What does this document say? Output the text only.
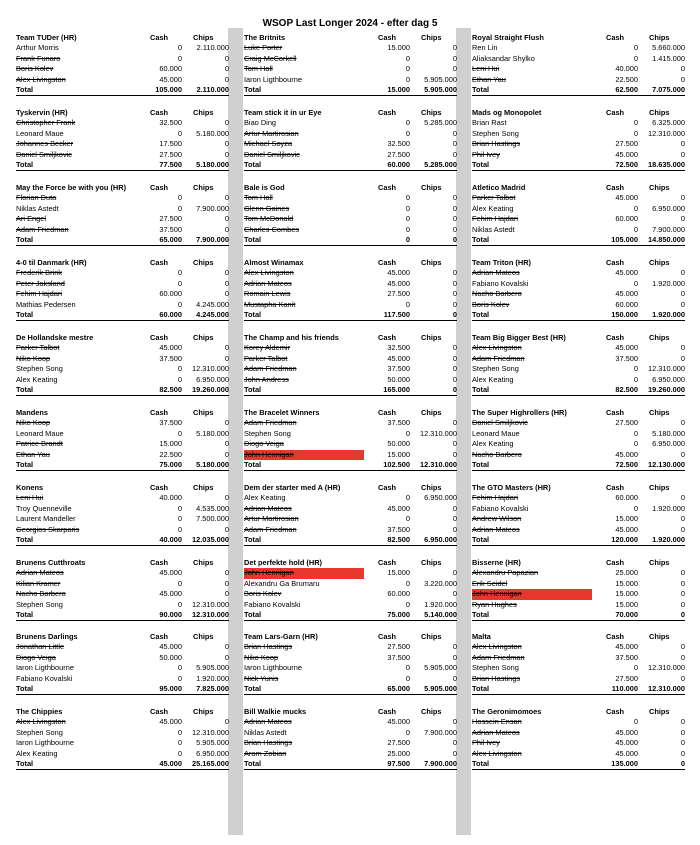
WSOP Last Longer 2024 - efter dag 5
Team TUDer (HR)	Cash	Chips
Arthur Morris	0	2.110.000
Frank Funaro	0	0
Boris Kolev	60.000	0
Alex Livingston	45.000	0
Total	105.000	2.110.000
The Britnits	Cash	Chips
Luke Porter	15.000	0
Craig McCorkell	0	0
Tom Hall	0	0
Iaron Ligthbourne	0	5.905.000
Total	15.000	5.905.000
Royal Straight Flush	Cash	Chips
Ren Lin	0	5.660.000
Aliaksandar Shylko	0	1.415.000
Leni Hui	40.000	0
Ethan Yau	22.500	0
Total	62.500	7.075.000
Tyskervin (HR)	Cash	Chips
Christopher Frank	32.500	0
Leonard Maue	0	5.180.000
Johannes Becker	17.500	0
Daniel Smiljkovic	27.500	0
Total	77.500	5.180.000
Team stick it in ur Eye	Cash	Chips
Biao Ding	0	5.285.000
Artur Martirosian	0	0
Michael Soyza	32.500	0
Daniel Smiljkovic	27.500	0
Total	60.000	5.285.000
Mads og Monopolet	Cash	Chips
Brian Rast	0	6.325.000
Stephen Song	0	12.310.000
Brian Hastings	27.500	0
Phil Ivey	45.000	0
Total	72.500	18.635.000
May the Force be with you (HR)	Cash	Chips
Florian Duta	0	0
Niklas Astedt	0	7.900.000
Ari Engel	27.500	0
Adam Friedman	37.500	0
Total	65.000	7.900.000
Bale is God	Cash	Chips
Tom Hall	0	0
Glenn Gaines	0	0
Tom McDonald	0	0
Charles Combes	0	0
Total	0	0
Atletico Madrid	Cash	Chips
Parker Talbot	45.000	0
Alex Keating	0	6.950.000
Fehim Hajdari	60.000	0
Niklas Astedt	0	7.900.000
Total	105.000	14.850.000
4-0 til Danmark (HR)	Cash	Chips
Frederik Brink	0	0
Peter Jaksland	0	0
Fehim Hajdari	60.000	0
Mathias Pedersen	0	4.245.000
Total	60.000	4.245.000
Almost Winamax	Cash	Chips
Alex Livingston	45.000	0
Adrian Mateos	45.000	0
Romain Lewis	27.500	0
Mustapha Kanit	0	0
Total	117.500	0
Team Triton (HR)	Cash	Chips
Adrian Mateos	45.000	0
Fabiano Kovalski	0	1.920.000
Nacho Barbero	45.000	0
Boris Kolev	60.000	0
Total	150.000	1.920.000
De Hollandske mestre	Cash	Chips
Parker Talbot	45.000	0
Niko Koop	37.500	0
Stephen Song	0	12.310.000
Alex Keating	0	6.950.000
Total	82.500	19.260.000
The Champ and his friends	Cash	Chips
Korey Aldemir	32.500	0
Parker Talbot	45.000	0
Adam Friedman	37.500	0
John Andress	50.000	0
Total	165.000	0
Team Big Bigger Best (HR)	Cash	Chips
Alex Livingston	45.000	0
Adam Friedman	37.500	0
Stephen Song	0	12.310.000
Alex Keating	0	6.950.000
Total	82.500	19.260.000
Mandens	Cash	Chips
Niko Koop	37.500	0
Leonard Maue	0	5.180.000
Patrice Brandt	15.000	0
Ethan Yau	22.500	0
Total	75.000	5.180.000
The Bracelet Winners	Cash	Chips
Adam Friedman	37.500	0
Stephen Song	0	12.310.000
Diogo Veiga	50.000	0
John Hennigan	15.000	0
Total	102.500	12.310.000
The Super Highrollers (HR)	Cash	Chips
Daniel Smiljkovic	27.500	0
Leonard Maue	0	5.180.000
Alex Keating	0	6.950.000
Nacho Barbero	45.000	0
Total	72.500	12.130.000
Konens	Cash	Chips
Leni Hui	40.000	0
Troy Quenneville	0	4.535.000
Laurent Mandeller	0	7.500.000
Georgios Skarparis	0	0
Total	40.000	12.035.000
Dem der starter med A (HR)	Cash	Chips
Alex Keating	0	6.950.000
Adrian Mateos	45.000	0
Artur Martirosian	0	0
Adam Friedman	37.500	0
Total	82.500	6.950.000
The GTO Masters (HR)	Cash	Chips
Fehim Hajdari	60.000	0
Fabiano Kovalski	0	1.920.000
Andrew Wilson	15.000	0
Adrian Mateos	45.000	0
Total	120.000	1.920.000
Brunens Cutthroats	Cash	Chips
Adrian Mateos	45.000	0
Kilian Kramer	0	0
Nacho Barbero	45.000	0
Stephen Song	0	12.310.000
Total	90.000	12.310.000
Det perfekte hold (HR)	Cash	Chips
John Hennigan	15.000	0
Alexandru Ga Brumaru	0	3.220.000
Boris Kolev	60.000	0
Fabiano Kovalski	0	1.920.000
Total	75.000	5.140.000
Bisserne (HR)	Cash	Chips
Alexandru Papazian	25.000	0
Erik Seidel	15.000	0
John Hennigan	15.000	0
Ryan Hughes	15.000	0
Total	70.000	0
Brunens Darlings	Cash	Chips
Jonathan Little	45.000	0
Diogo Veiga	50.000	0
Iaron Ligthbourne	0	5.905.000
Fabiano Kovalski	0	1.920.000
Total	95.000	7.825.000
Team Lars-Garn (HR)	Cash	Chips
Brian Hastings	27.500	0
Niko Koop	37.500	0
Iaron Ligthbourne	0	5.905.000
Nick Yunis	0	0
Total	65.000	5.905.000
Malta	Cash	Chips
Alex Livingston	45.000	0
Adam Friedman	37.500	0
Stephen Song	0	12.310.000
Brian Hastings	27.500	0
Total	110.000	12.310.000
The Chippies	Cash	Chips
Alex Livingston	45.000	0
Stephen Song	0	12.310.000
Iaron Ligthbourne	0	5.905.000
Alex Keating	0	6.950.000
Total	45.000	25.165.000
Bill Walkie mucks	Cash	Chips
Adrian Mateos	45.000	0
Niklas Astedt	0	7.900.000
Brian Hastings	27.500	0
Aram Zobian	25.000	0
Total	97.500	7.900.000
The Geronimomoes	Cash	Chips
Hossein Ensan	0	0
Adrian Mateos	45.000	0
Phil Ivey	45.000	0
Alex Livingston	45.000	0
Total	135.000	0
